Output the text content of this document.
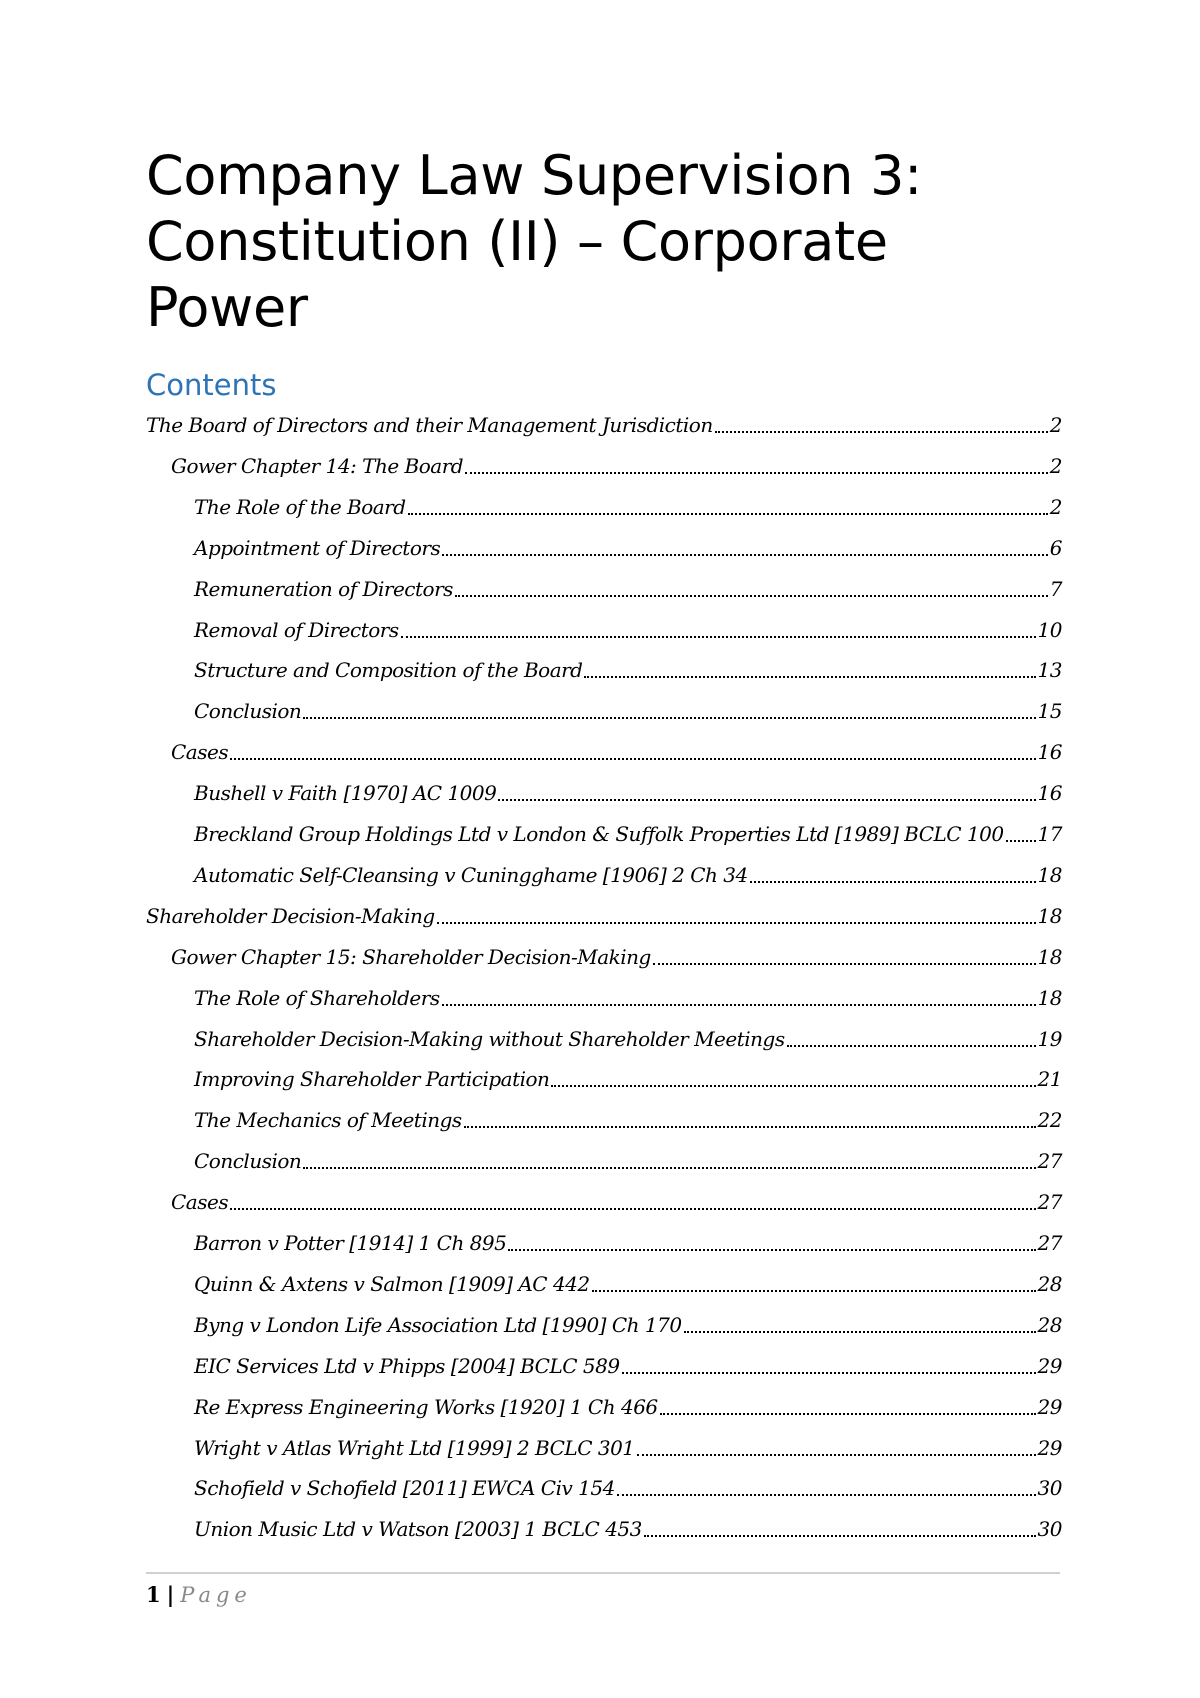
Company Law Supervision 3:
Constitution (II) – Corporate
Power
Contents
The Board of Directors and their Management Jurisdiction	2
Gower Chapter 14: The Board	2
The Role of the Board	2
Appointment of Directors	6
Remuneration of Directors	7
Removal of Directors	10
Structure and Composition of the Board	13
Conclusion	15
Cases	16
Bushell v Faith [1970] AC 1009	16
Breckland Group Holdings Ltd v London & Suffolk Properties Ltd [1989] BCLC 100 17
Automatic Self-Cleansing v Cuningghame [1906] 2 Ch 34	18
Shareholder Decision-Making	18
Gower Chapter 15: Shareholder Decision-Making	18
The Role of Shareholders	18
Shareholder Decision-Making without Shareholder Meetings	19
Improving Shareholder Participation	21
The Mechanics of Meetings	22
Conclusion	27
Cases	27
Barron v Potter [1914] 1 Ch 895	27
Quinn & Axtens v Salmon [1909] AC 442	28
Byng v London Life Association Ltd [1990] Ch 170	28
EIC Services Ltd v Phipps [2004] BCLC 589	29
Re Express Engineering Works [1920] 1 Ch 466	29
Wright v Atlas Wright Ltd [1999] 2 BCLC 301	29
Schofield v Schofield [2011] EWCA Civ 154	30
Union Music Ltd v Watson [2003] 1 BCLC 453	30
1 | Page
